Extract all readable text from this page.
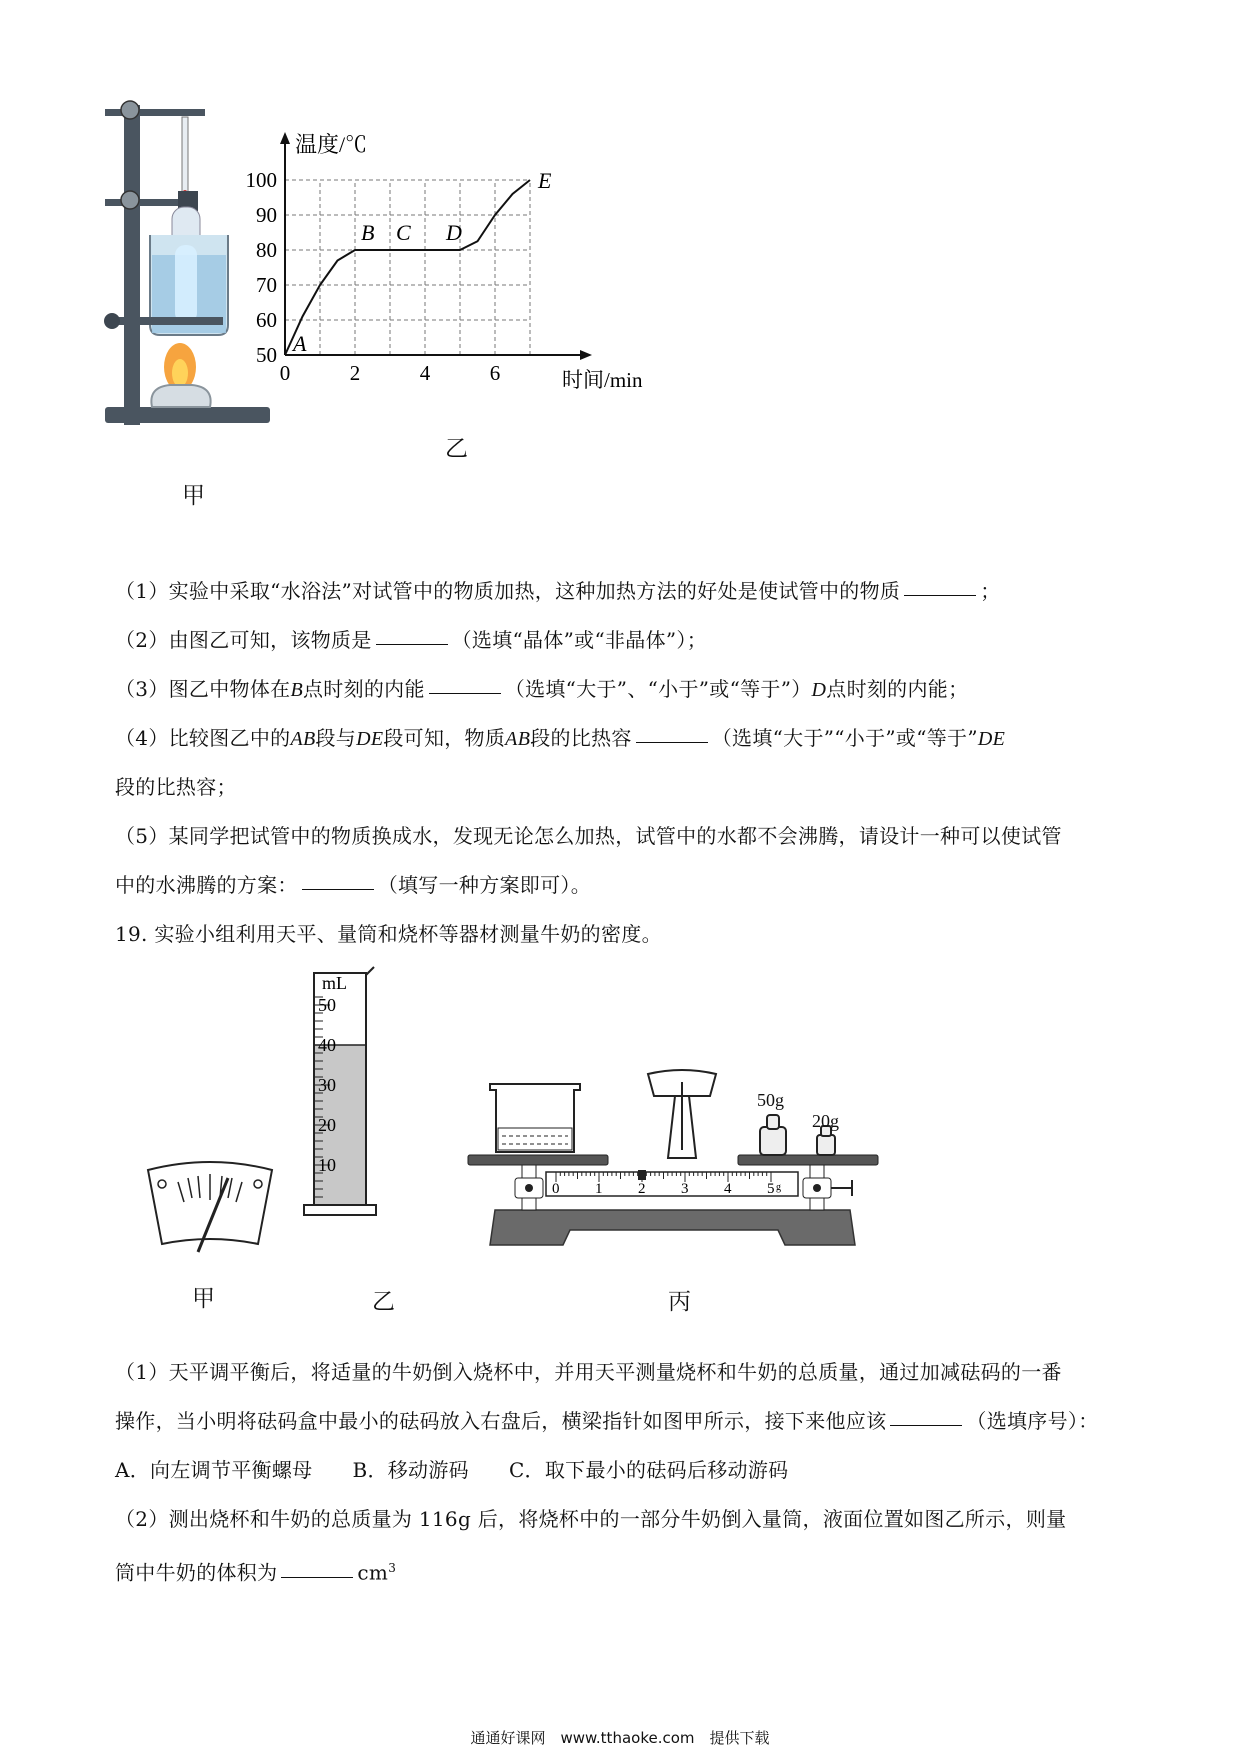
甲
温度/℃
时间/min
0	2	4	6
50
60
70
80
90
100
A
B C D
E
乙
（1）实验中采取“水浴法”对试管中的物质加热，这种加热方法的好处是使试管中的物质	；
（2）由图乙可知，该物质是	（选填“晶体”或“非晶体”）；
（3）图乙中物体在B点时刻的内能	（选填“大于”、“小于”或“等于”）D点时刻的内能；
（4）比较图乙中的AB段与DE段可知，物质AB段的比热容	（选填“大于”“小于”或“等于”DE
段的比热容；
（5）某同学把试管中的物质换成水，发现无论怎么加热，试管中的水都不会沸腾，请设计一种可以使试管
中的水沸腾的方案：	（填写一种方案即可）。
19. 实验小组利用天平、量筒和烧杯等器材测量牛奶的密度。
甲
mL
50
40
30
20
10
乙
0 1 2 3 4 5 g
50g
20g
丙
（1）天平调平衡后，将适量的牛奶倒入烧杯中，并用天平测量烧杯和牛奶的总质量，通过加减砝码的一番
操作，当小明将砝码盒中最小的砝码放入右盘后，横梁指针如图甲所示，接下来他应该	（选填序号）：
A．向左调节平衡螺母 B．移动游码 C．取下最小的砝码后移动游码
（2）测出烧杯和牛奶的总质量为 116g 后，将烧杯中的一部分牛奶倒入量筒，液面位置如图乙所示，则量
筒中牛奶的体积为	$cm^3$
通通好课网　www.tthaoke.com　提供下载
